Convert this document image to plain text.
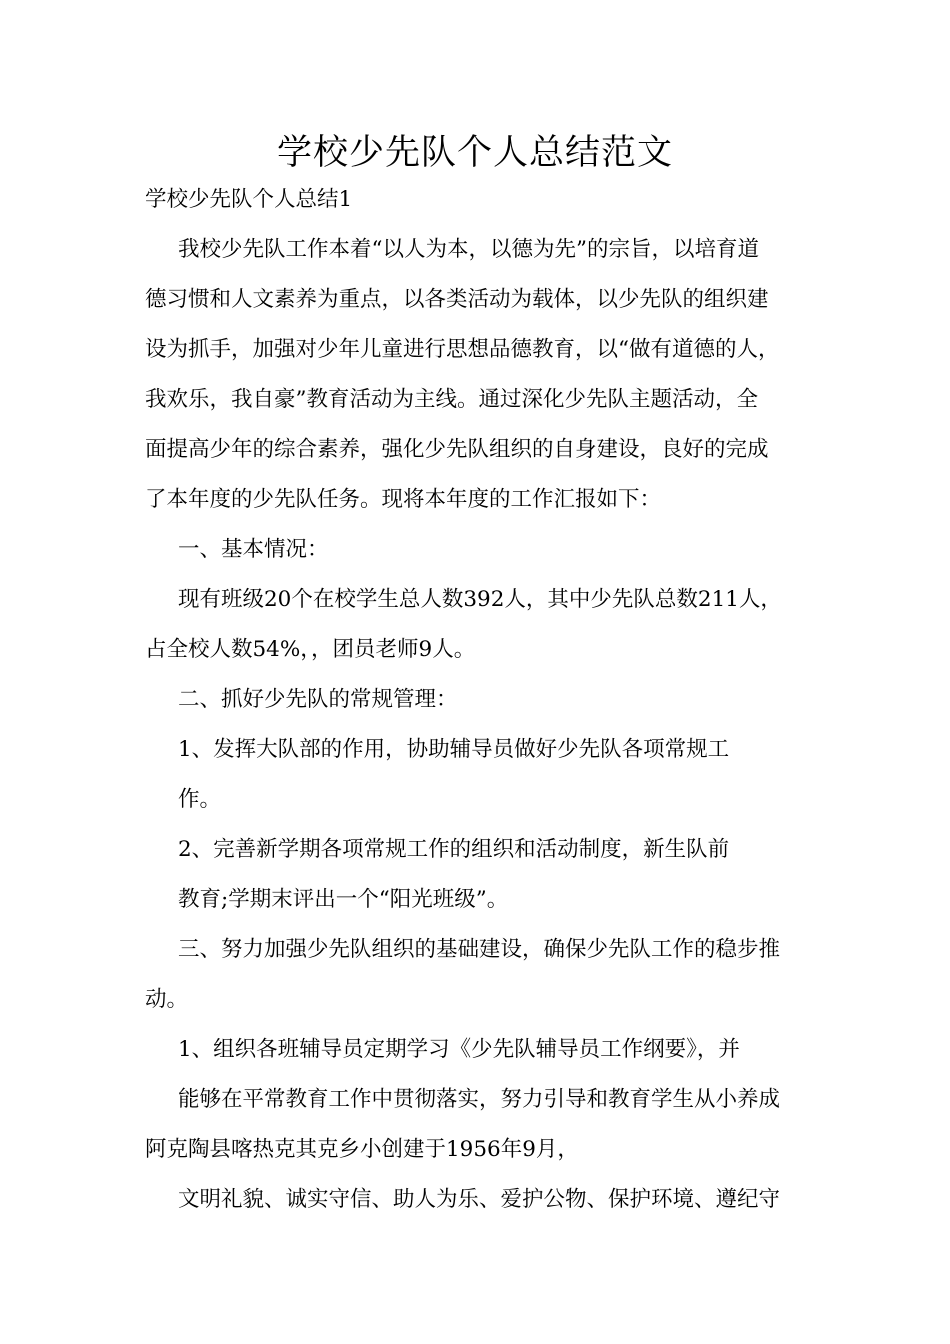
学校少先队个人总结范文
学校少先队个人总结1
我校少先队工作本着“以人为本，以德为先”的宗旨，以培育道
德习惯和人文素养为重点，以各类活动为载体，以少先队的组织建
设为抓手，加强对少年儿童进行思想品德教育，以“做有道德的人，
我欢乐，我自豪”教育活动为主线。通过深化少先队主题活动，全
面提高少年的综合素养，强化少先队组织的自身建设，良好的完成
了本年度的少先队任务。现将本年度的工作汇报如下：
一、基本情况：
现有班级20个在校学生总人数392人，其中少先队总数211人，
占全校人数54%，，团员老师9人。
二、抓好少先队的常规管理：
1、发挥大队部的作用，协助辅导员做好少先队各项常规工
作。
2、完善新学期各项常规工作的组织和活动制度，新生队前
教育;学期末评出一个“阳光班级”。
三、努力加强少先队组织的基础建设，确保少先队工作的稳步推
动。
1、组织各班辅导员定期学习《少先队辅导员工作纲要》，并
能够在平常教育工作中贯彻落实，努力引导和教育学生从小养成
阿克陶县喀热克其克乡小创建于1956年9月，
文明礼貌、诚实守信、助人为乐、爱护公物、保护环境、遵纪守
